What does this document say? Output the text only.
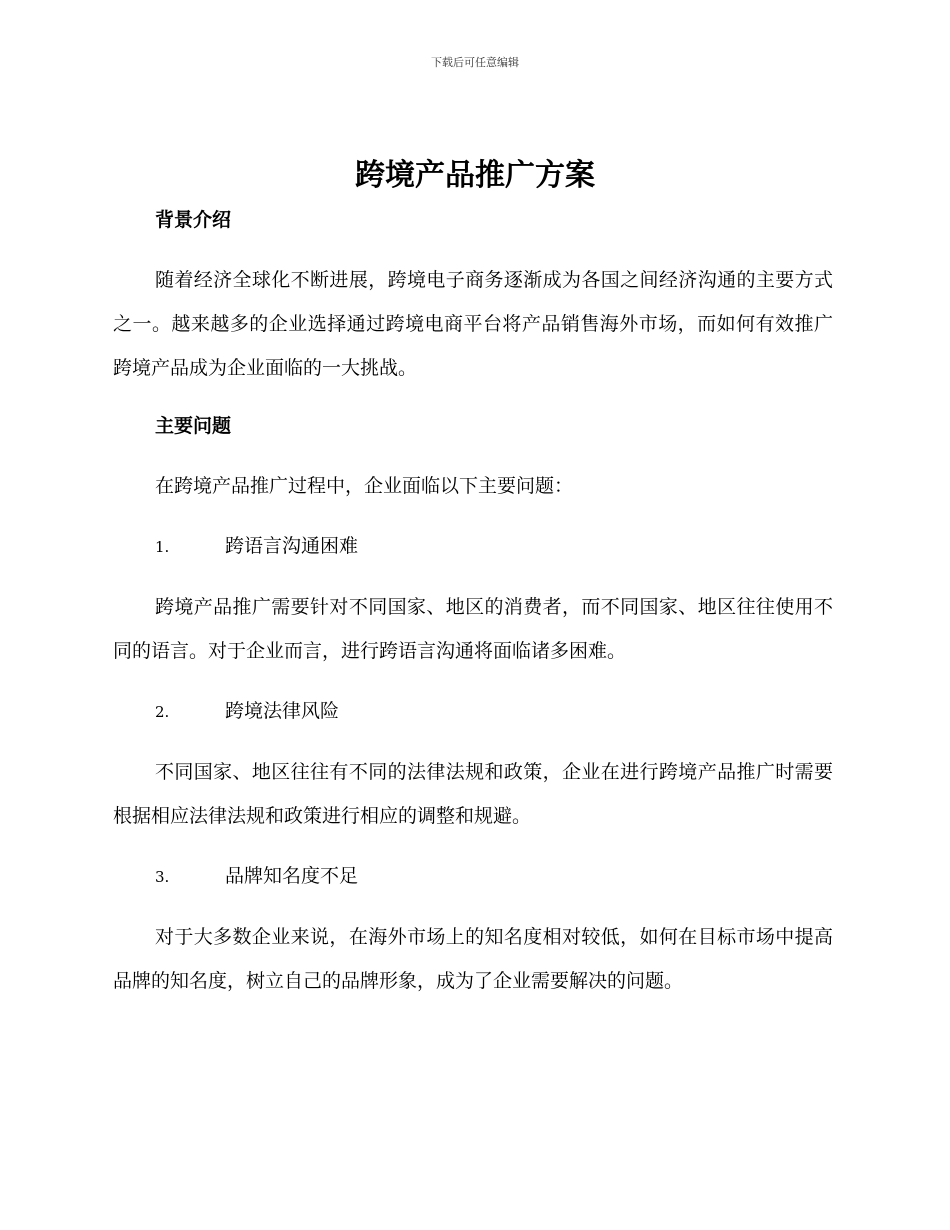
下载后可任意编辑
跨境产品推广方案
背景介绍

随着经济全球化不断进展，跨境电子商务逐渐成为各国之间经济沟通的主要方式之一。越来越多的企业选择通过跨境电商平台将产品销售海外市场，而如何有效推广跨境产品成为企业面临的一大挑战。

主要问题

在跨境产品推广过程中，企业面临以下主要问题：

1.	跨语言沟通困难

跨境产品推广需要针对不同国家、地区的消费者，而不同国家、地区往往使用不同的语言。对于企业而言，进行跨语言沟通将面临诸多困难。

2.	跨境法律风险

不同国家、地区往往有不同的法律法规和政策，企业在进行跨境产品推广时需要根据相应法律法规和政策进行相应的调整和规避。

3.	品牌知名度不足

对于大多数企业来说，在海外市场上的知名度相对较低，如何在目标市场中提高品牌的知名度，树立自己的品牌形象，成为了企业需要解决的问题。
